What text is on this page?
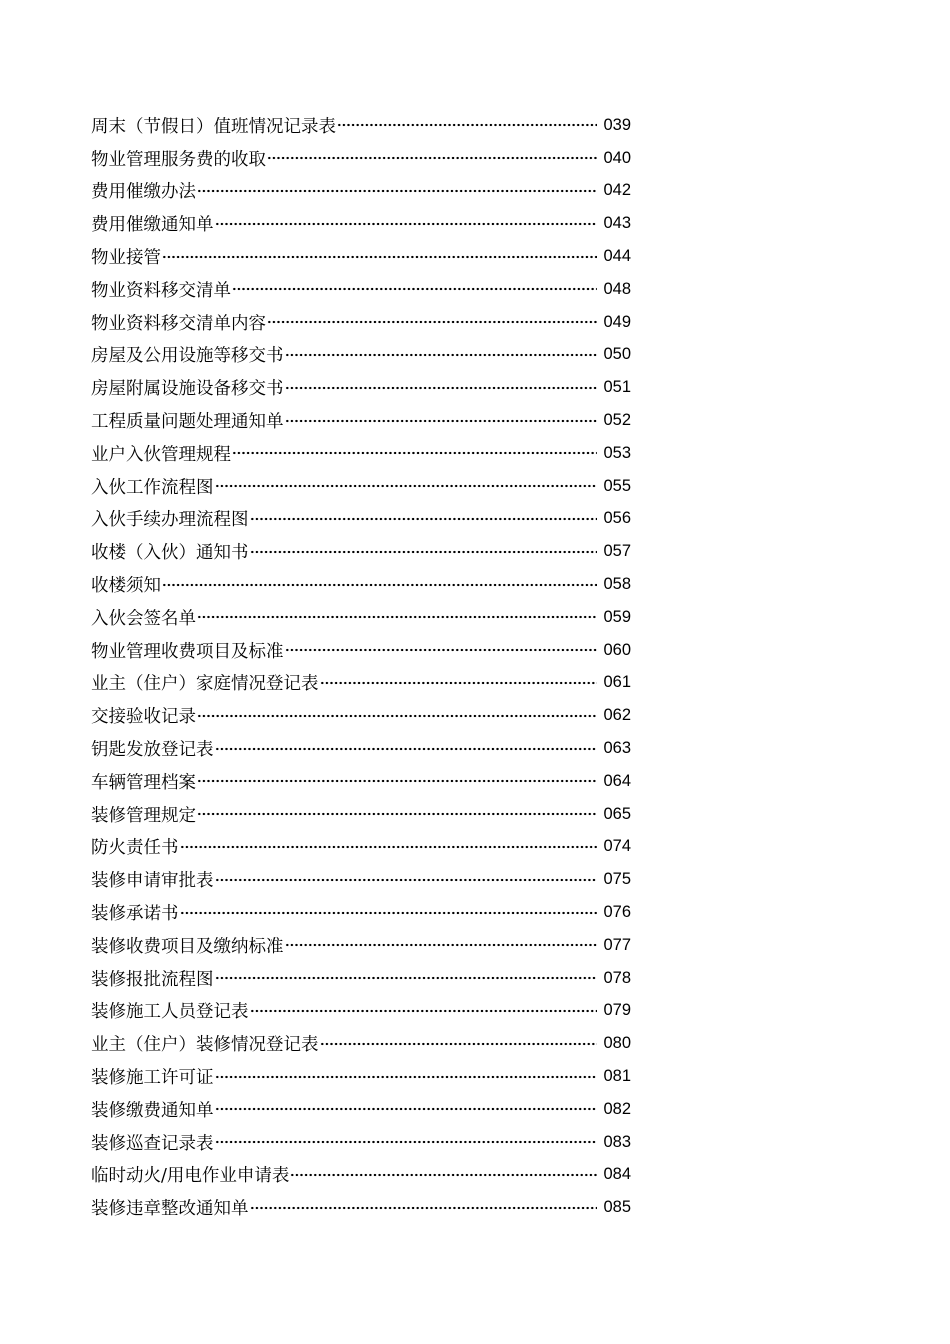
周末（节假日）值班情况记录表	039
物业管理服务费的收取	040
费用催缴办法	042
费用催缴通知单	043
物业接管	044
物业资料移交清单	048
物业资料移交清单内容	049
房屋及公用设施等移交书	050
房屋附属设施设备移交书	051
工程质量问题处理通知单	052
业户入伙管理规程	053
入伙工作流程图	055
入伙手续办理流程图	056
收楼（入伙）通知书	057
收楼须知	058
入伙会签名单	059
物业管理收费项目及标准	060
业主（住户）家庭情况登记表	061
交接验收记录	062
钥匙发放登记表	063
车辆管理档案	064
装修管理规定	065
防火责任书	074
装修申请审批表	075
装修承诺书	076
装修收费项目及缴纳标准	077
装修报批流程图	078
装修施工人员登记表	079
业主（住户）装修情况登记表	080
装修施工许可证	081
装修缴费通知单	082
装修巡查记录表	083
临时动火/用电作业申请表	084
装修违章整改通知单	085
